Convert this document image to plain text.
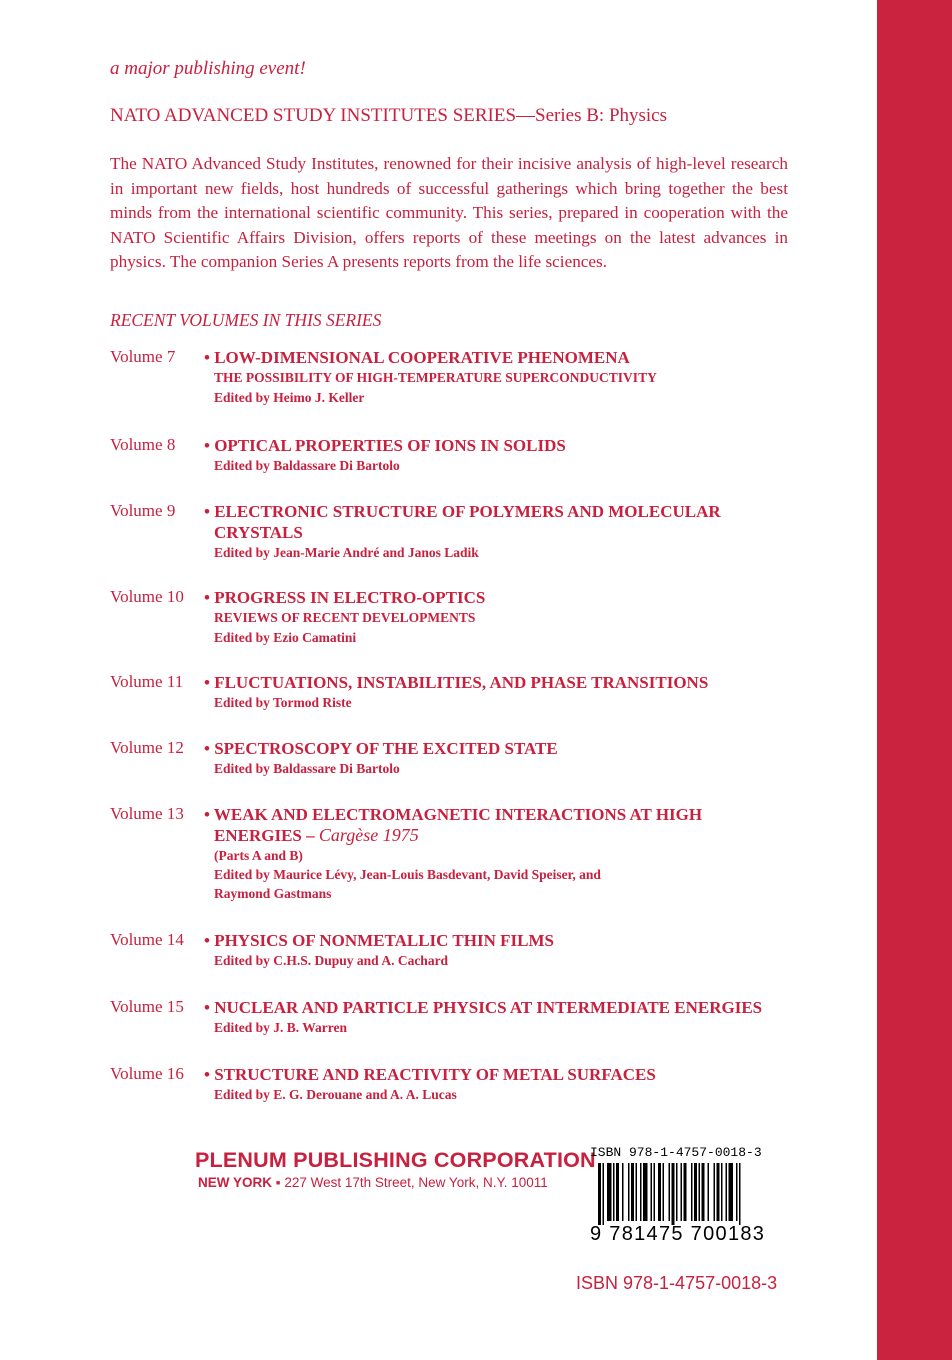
a major publishing event!
NATO ADVANCED STUDY INSTITUTES SERIES—Series B: Physics
The NATO Advanced Study Institutes, renowned for their incisive analysis of high-level research in important new fields, host hundreds of successful gatherings which bring together the best minds from the international scientific community. This series, prepared in cooperation with the NATO Scientific Affairs Division, offers reports of these meetings on the latest advances in physics. The companion Series A presents reports from the life sciences.
RECENT VOLUMES IN THIS SERIES
Volume 7 • LOW-DIMENSIONAL COOPERATIVE PHENOMENA
THE POSSIBILITY OF HIGH-TEMPERATURE SUPERCONDUCTIVITY
Edited by Heimo J. Keller
Volume 8 • OPTICAL PROPERTIES OF IONS IN SOLIDS
Edited by Baldassare Di Bartolo
Volume 9 • ELECTRONIC STRUCTURE OF POLYMERS AND MOLECULAR CRYSTALS
Edited by Jean-Marie André and Janos Ladik
Volume 10 • PROGRESS IN ELECTRO-OPTICS
REVIEWS OF RECENT DEVELOPMENTS
Edited by Ezio Camatini
Volume 11 • FLUCTUATIONS, INSTABILITIES, AND PHASE TRANSITIONS
Edited by Tormod Riste
Volume 12 • SPECTROSCOPY OF THE EXCITED STATE
Edited by Baldassare Di Bartolo
Volume 13 • WEAK AND ELECTROMAGNETIC INTERACTIONS AT HIGH ENERGIES – Cargèse 1975
(Parts A and B)
Edited by Maurice Lévy, Jean-Louis Basdevant, David Speiser, and Raymond Gastmans
Volume 14 • PHYSICS OF NONMETALLIC THIN FILMS
Edited by C.H.S. Dupuy and A. Cachard
Volume 15 • NUCLEAR AND PARTICLE PHYSICS AT INTERMEDIATE ENERGIES
Edited by J. B. Warren
Volume 16 • STRUCTURE AND REACTIVITY OF METAL SURFACES
Edited by E. G. Derouane and A. A. Lucas
PLENUM PUBLISHING CORPORATION
NEW YORK ▪ 227 West 17th Street, New York, N.Y. 10011
ISBN 978-1-4757-0018-3
9 781475 700183
ISBN 978-1-4757-0018-3
